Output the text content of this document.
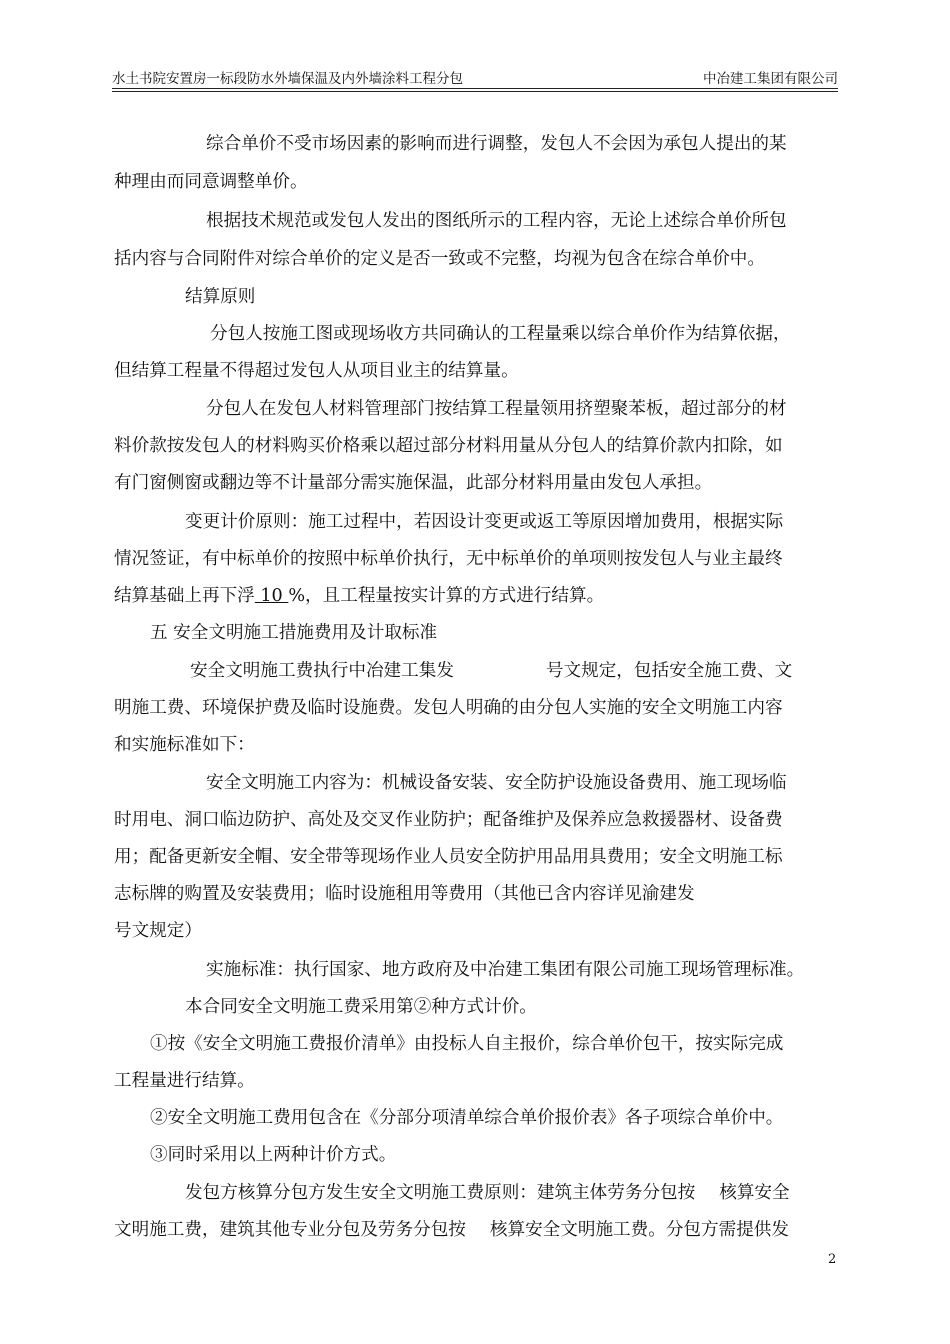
水土书院安置房一标段防水外墙保温及内外墙涂料工程分包	中冶建工集团有限公司
综合单价不受市场因素的影响而进行调整，发包人不会因为承包人提出的某
种理由而同意调整单价。
根据技术规范或发包人发出的图纸所示的工程内容，无论上述综合单价所包
括内容与合同附件对综合单价的定义是否一致或不完整，均视为包含在综合单价中。
结算原则
分包人按施工图或现场收方共同确认的工程量乘以综合单价作为结算依据，
但结算工程量不得超过发包人从项目业主的结算量。
分包人在发包人材料管理部门按结算工程量领用挤塑聚苯板，超过部分的材
料价款按发包人的材料购买价格乘以超过部分材料用量从分包人的结算价款内扣除，如
有门窗侧窗或翻边等不计量部分需实施保温，此部分材料用量由发包人承担。
变更计价原则：施工过程中，若因设计变更或返工等原因增加费用，根据实际
情况签证，有中标单价的按照中标单价执行，无中标单价的单项则按发包人与业主最终
结算基础上再下浮 10 %，且工程量按实计算的方式进行结算。
五 安全文明施工措施费用及计取标准
安全文明施工费执行中冶建工集发	号文规定，包括安全施工费、文
明施工费、环境保护费及临时设施费。发包人明确的由分包人实施的安全文明施工内容
和实施标准如下：
安全文明施工内容为：机械设备安装、安全防护设施设备费用、施工现场临
时用电、洞口临边防护、高处及交叉作业防护；配备维护及保养应急救援器材、设备费
用；配备更新安全帽、安全带等现场作业人员安全防护用品用具费用；安全文明施工标
志标牌的购置及安装费用；临时设施租用等费用（其他已含内容详见渝建发
号文规定）
实施标准：执行国家、地方政府及中冶建工集团有限公司施工现场管理标准。
本合同安全文明施工费采用第②种方式计价。
①按《安全文明施工费报价清单》由投标人自主报价，综合单价包干，按实际完成
工程量进行结算。
②安全文明施工费用包含在《分部分项清单综合单价报价表》各子项综合单价中。
③同时采用以上两种计价方式。
发包方核算分包方发生安全文明施工费原则：建筑主体劳务分包按 核算安全
文明施工费，建筑其他专业分包及劳务分包按 核算安全文明施工费。分包方需提供发
2
